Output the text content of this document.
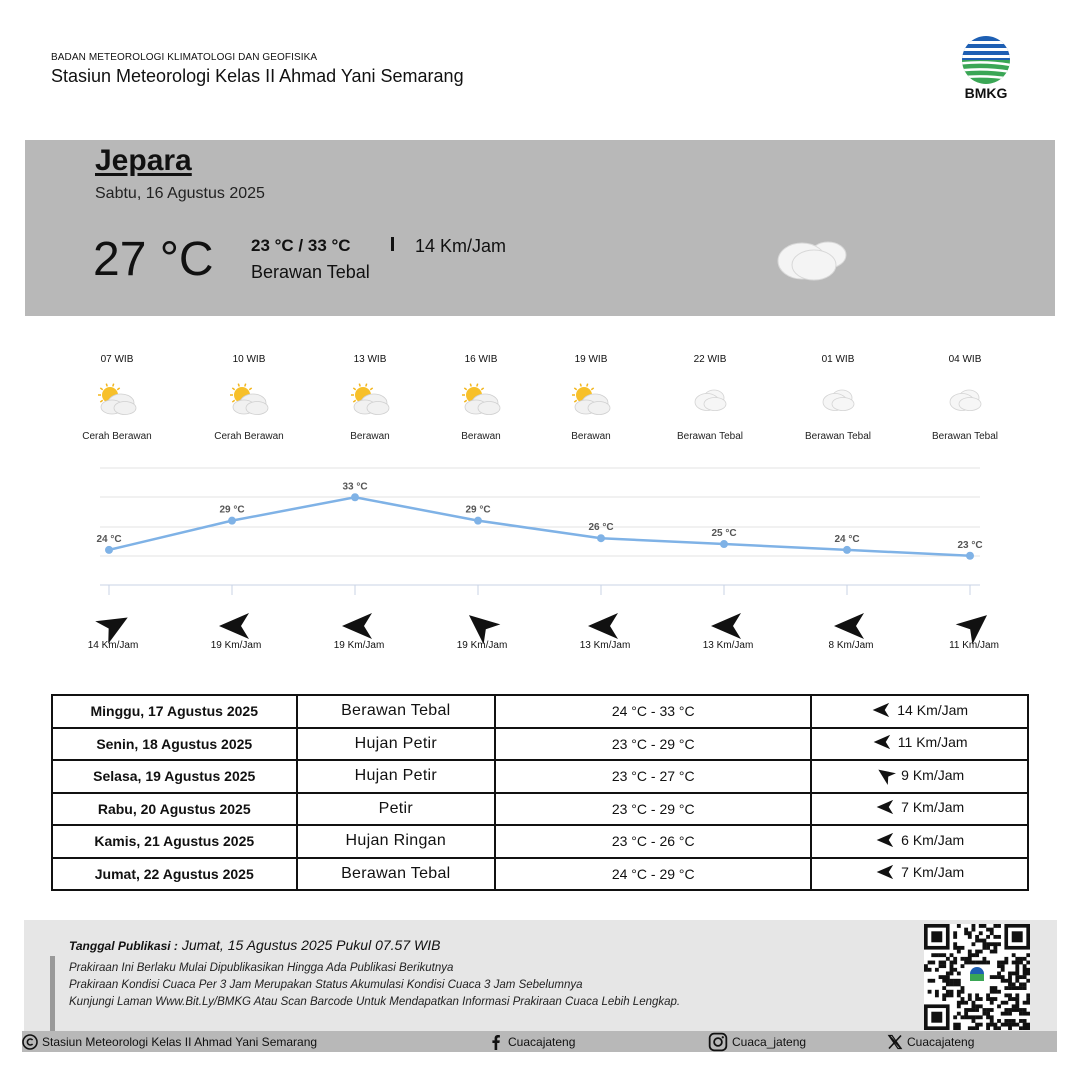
BADAN METEOROLOGI KLIMATOLOGI DAN GEOFISIKA
Stasiun Meteorologi Kelas II Ahmad Yani Semarang
BMKG
Jepara
Sabtu, 16 Agustus 2025
27 °C 23 °C / 33 °C	14 Km/Jam
Berawan Tebal
07 WIB
Cerah Berawan
14 Km/Jam
10 WIB
Cerah Berawan
19 Km/Jam
13 WIB
Berawan
19 Km/Jam
16 WIB
Berawan
19 Km/Jam
19 WIB
Berawan
13 Km/Jam
22 WIB
Berawan Tebal
13 Km/Jam
01 WIB
Berawan Tebal
8 Km/Jam
04 WIB
Berawan Tebal
11 Km/Jam
24 °C
29 °C
33 °C
29 °C
26 °C
25 °C
24 °C
23 °C
Minggu, 17 Agustus 2025	Berawan Tebal	24 °C - 33 °C	14 Km/Jam

Senin, 18 Agustus 2025	Hujan Petir	23 °C - 29 °C	11 Km/Jam

Selasa, 19 Agustus 2025	Hujan Petir	23 °C - 27 °C	9 Km/Jam

Rabu, 20 Agustus 2025	Petir	23 °C - 29 °C	7 Km/Jam

Kamis, 21 Agustus 2025	Hujan Ringan	23 °C - 26 °C	6 Km/Jam

Jumat, 22 Agustus 2025	Berawan Tebal	24 °C - 29 °C	7 Km/Jam
Tanggal Publikasi : Jumat, 15 Agustus 2025 Pukul 07.57 WIB
Prakiraan Ini Berlaku Mulai Dipublikasikan Hingga Ada Publikasi Berikutnya
Prakiraan Kondisi Cuaca Per 3 Jam Merupakan Status Akumulasi Kondisi Cuaca 3 Jam Sebelumnya
Kunjungi Laman Www.Bit.Ly/BMKG Atau Scan Barcode Untuk Mendapatkan Informasi Prakiraan Cuaca Lebih Lengkap.
Stasiun Meteorologi Kelas II Ahmad Yani Semarang	Cuacajateng	Cuaca_jateng	Cuacajateng
